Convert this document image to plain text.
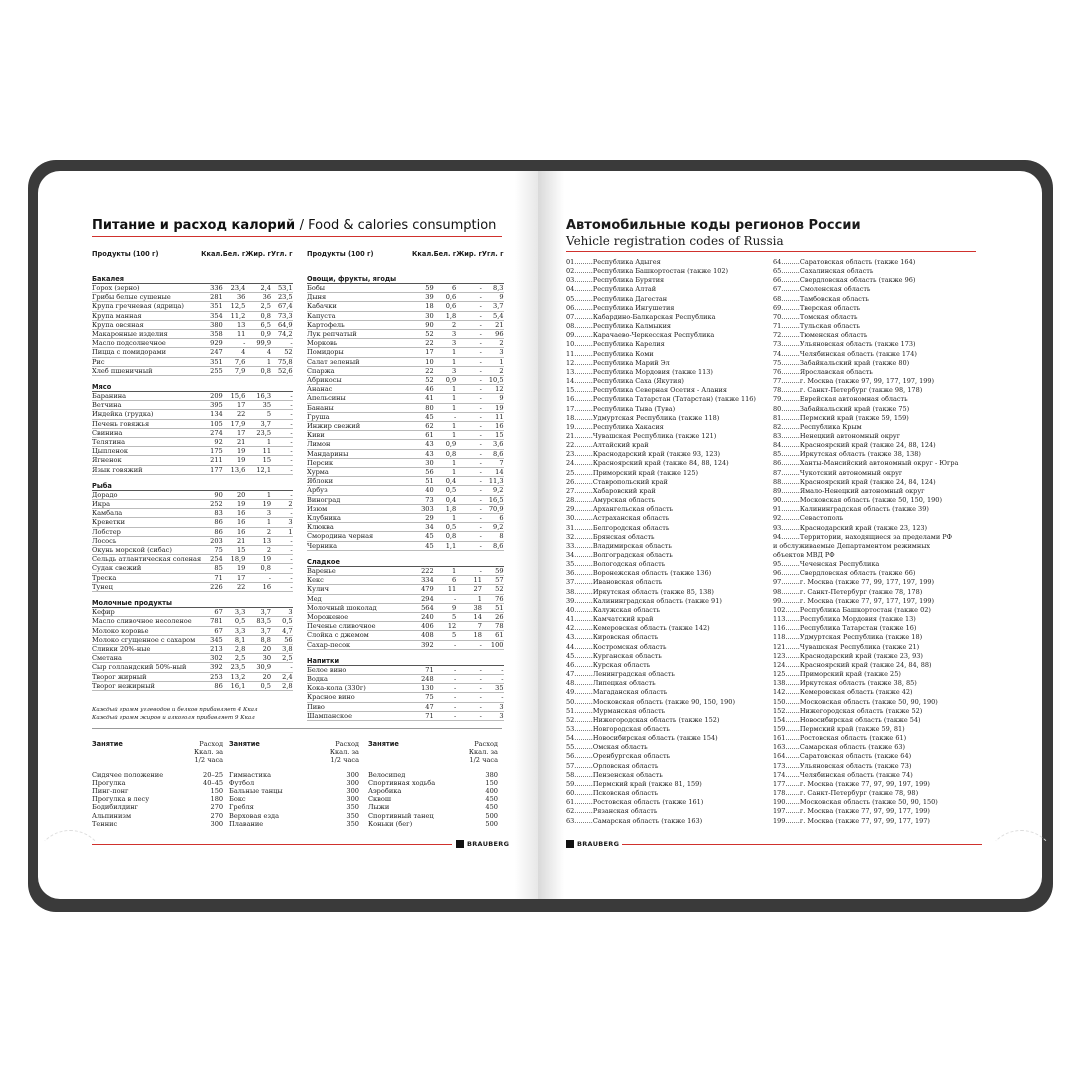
Питание и расход калорий / Food & calories consumption
Продукты (100 г)	Ккал.	Бел. г	Жир. г	Угл. г
Бакалея				
Горох (зерно)	336	23,4	2,4	53,1
Грибы белые сушеные	281	36	36	23,5
Крупа гречневая (ядрица)	351	12,5	2,5	67,4
Крупа манная	354	11,2	0,8	73,3
Крупа овсяная	380	13	6,5	64,9
Макаронные изделия	358	11	0,9	74,2
Масло подсолнечное	929	-	99,9	-
Пицца с помидорами	247	4	4	52
Рис	351	7,6	1	75,8
Хлеб пшеничный	255	7,9	0,8	52,6
Мясо				
Баранина	209	15,6	16,3	-
Ветчина	395	17	35	-
Индейка (грудка)	134	22	5	-
Печень говяжья	105	17,9	3,7	-
Свинина	274	17	23,5	-
Телятина	92	21	1	-
Цыпленок	175	19	11	-
Ягненок	211	19	15	-
Язык говяжий	177	13,6	12,1	-
Рыба				
Дорадо	90	20	1	-
Икра	252	19	19	2
Камбала	83	16	3	-
Креветки	86	16	1	3
Лобстер	86	16	2	1
Лосось	203	21	13	-
Окунь морской (сибас)	75	15	2	-
Сельдь атлантическая соленая	254	18,9	19	-
Судак свежий	85	19	0,8	-
Треска	71	17	-	-
Тунец	226	22	16	-
Молочные продукты				
Кефир	67	3,3	3,7	3
Масло сливочное несоленое	781	0,5	83,5	0,5
Молоко коровье	67	3,3	3,7	4,7
Молоко сгущенное с сахаром	345	8,1	8,8	56
Сливки 20%-ные	213	2,8	20	3,8
Сметана	302	2,5	30	2,5
Сыр голландский 50%-ный	392	23,5	30,9	-
Творог жирный	253	13,2	20	2,4
Творог нежирный	86	16,1	0,5	2,8
Продукты (100 г)	Ккал.	Бел. г	Жир. г	Угл. г
Овощи, фрукты, ягоды				
Бобы	59	6	-	8,3
Дыня	39	0,6	-	9
Кабачки	18	0,6	-	3,7
Капуста	30	1,8	-	5,4
Картофель	90	2	-	21
Лук репчатый	52	3	-	96
Морковь	22	3	-	2
Помидоры	17	1	-	3
Салат зеленый	10	1	-	1
Спаржа	22	3	-	2
Абрикосы	52	0,9	-	10,5
Ананас	46	1	-	12
Апельсины	41	1	-	9
Бананы	80	1	-	19
Груша	45	-	-	11
Инжир свежий	62	1	-	16
Киви	61	1	-	15
Лимон	43	0,9	-	3,6
Мандарины	43	0,8	-	8,6
Персик	30	1	-	7
Хурма	56	1	-	14
Яблоки	51	0,4	-	11,3
Арбуз	40	0,5	-	9,2
Виноград	73	0,4	-	16,5
Изюм	303	1,8	-	70,9
Клубника	29	1	-	6
Клюква	34	0,5	-	9,2
Смородина черная	45	0,8	-	8
Черника	45	1,1	-	8,6
Сладкое				
Варенье	222	1	-	59
Кекс	334	6	11	57
Кулич	479	11	27	52
Мед	294	-	1	76
Молочный шоколад	564	9	38	51
Мороженое	240	5	14	26
Печенье сливочное	406	12	7	78
Слойка с джемом	408	5	18	61
Сахар-песок	392	-	-	100
Напитки				
Белое вино	71	-	-	-
Водка	248	-	-	-
Кока-кола (330г)	130	-	-	35
Красное вино	75	-	-	-
Пиво	47	-	-	3
Шампанское	71	-	-	3
Каждый грамм углеводов и белков прибавляет 4 Ккал
Каждый грамм жиров и алкоголя прибавляет 9 Ккал
Занятие	Расход
Ккал. за
1/2 часа

Сидячее положение	20–25
Прогулка	40–45
Пинг-понг	150
Прогулка в лесу	180
Бодибилдинг	270
Альпинизм	270
Теннис	300
Занятие	Расход
Ккал. за
1/2 часа

Гимнастика	300
Футбол	300
Бальные танцы	300
Бокс	300
Гребля	350
Верховая езда	350
Плавание	350
Занятие	Расход
Ккал. за
1/2 часа

Велосипед	380
Спортивная ходьба	150
Аэробика	400
Сквош	450
Лыжи	450
Спортивный танец	500
Коньки (бег)	500
BRAUBERG
Автомобильные коды регионов России
Vehicle registration codes of Russia
01.........Республика Адыгея
02.........Республика Башкортостан (также 102)
03.........Республика Бурятия
04.........Республика Алтай
05.........Республика Дагестан
06.........Республика Ингушетия
07.........Кабардино-Балкарская Республика
08.........Республика Калмыкия
09.........Карачаево-Черкесская Республика
10.........Республика Карелия
11.........Республика Коми
12.........Республика Марий Эл
13.........Республика Мордовия (также 113)
14.........Республика Саха (Якутия)
15.........Республика Северная Осетия - Алания
16.........Республика Татарстан (Татарстан) (также 116)
17.........Республика Тыва (Тува)
18.........Удмуртская Республика (также 118)
19.........Республика Хакасия
21.........Чувашская Республика (также 121)
22.........Алтайский край
23.........Краснодарский край (также 93, 123)
24.........Красноярский край (также 84, 88, 124)
25.........Приморский край (также 125)
26.........Ставропольский край
27.........Хабаровский край
28.........Амурская область
29.........Архангельская область
30.........Астраханская область
31.........Белгородская область
32.........Брянская область
33.........Владимирская область
34.........Волгоградская область
35.........Вологодская область
36.........Воронежская область (также 136)
37.........Ивановская область
38.........Иркутская область (также 85, 138)
39.........Калининградская область (также 91)
40.........Калужская область
41.........Камчатский край
42.........Кемеровская область (также 142)
43.........Кировская область
44.........Костромская область
45.........Курганская область
46.........Курская область
47.........Ленинградская область
48.........Липецкая область
49.........Магаданская область
50.........Московская область (также 90, 150, 190)
51.........Мурманская область
52.........Нижегородская область (также 152)
53.........Новгородская область
54.........Новосибирская область (также 154)
55.........Омская область
56.........Оренбургская область
57.........Орловская область
58.........Пензенская область
59.........Пермский край (также 81, 159)
60.........Псковская область
61.........Ростовская область (также 161)
62.........Рязанская область
63.........Самарская область (также 163)
64.........Саратовская область (также 164)
65.........Сахалинская область
66.........Свердловская область (также 96)
67.........Смоленская область
68.........Тамбовская область
69.........Тверская область
70.........Томская область
71.........Тульская область
72.........Тюменская область
73.........Ульяновская область (также 173)
74.........Челябинская область (также 174)
75.........Забайкальский край (также 80)
76.........Ярославская область
77.........г. Москва (также 97, 99, 177, 197, 199)
78.........г. Санкт-Петербург (также 98, 178)
79.........Еврейская автономная область
80.........Забайкальский край (также 75)
81.........Пермский край (также 59, 159)
82.........Республика Крым
83.........Ненецкий автономный округ
84.........Красноярский край (также 24, 88, 124)
85.........Иркутская область (также 38, 138)
86.........Ханты-Мансийский автономный округ - Югра
87.........Чукотский автономный округ
88.........Красноярский край (также 24, 84, 124)
89.........Ямало-Ненецкий автономный округ
90.........Московская область (также 50, 150, 190)
91.........Калининградская область (также 39)
92.........Севастополь
93.........Краснодарский край (также 23, 123)
94.........Территории, находящиеся за пределами РФ
и обслуживаемые Департаментом режимных
объектов МВД РФ
95.........Чеченская Республика
96.........Свердловская область (также 66)
97.........г. Москва (также 77, 99, 177, 197, 199)
98.........г. Санкт-Петербург (также 78, 178)
99.........г. Москва (также 77, 97, 177, 197, 199)
102.......Республика Башкортостан (также 02)
113.......Республика Мордовия (также 13)
116.......Республика Татарстан (также 16)
118.......Удмуртская Республика (также 18)
121.......Чувашская Республика (также 21)
123.......Краснодарский край (также 23, 93)
124.......Красноярский край (также 24, 84, 88)
125.......Приморский край (также 25)
138.......Иркутская область (также 38, 85)
142.......Кемеровская область (также 42)
150.......Московская область (также 50, 90, 190)
152.......Нижегородская область (также 52)
154.......Новосибирская область (также 54)
159.......Пермский край (также 59, 81)
161.......Ростовская область (также 61)
163.......Самарская область (также 63)
164.......Саратовская область (также 64)
173.......Ульяновская область (также 73)
174.......Челябинская область (также 74)
177.......г. Москва (также 77, 97, 99, 197, 199)
178.......г. Санкт-Петербург (также 78, 98)
190.......Московская область (также 50, 90, 150)
197.......г. Москва (также 77, 97, 99, 177, 199)
199.......г. Москва (также 77, 97, 99, 177, 197)
BRAUBERG
